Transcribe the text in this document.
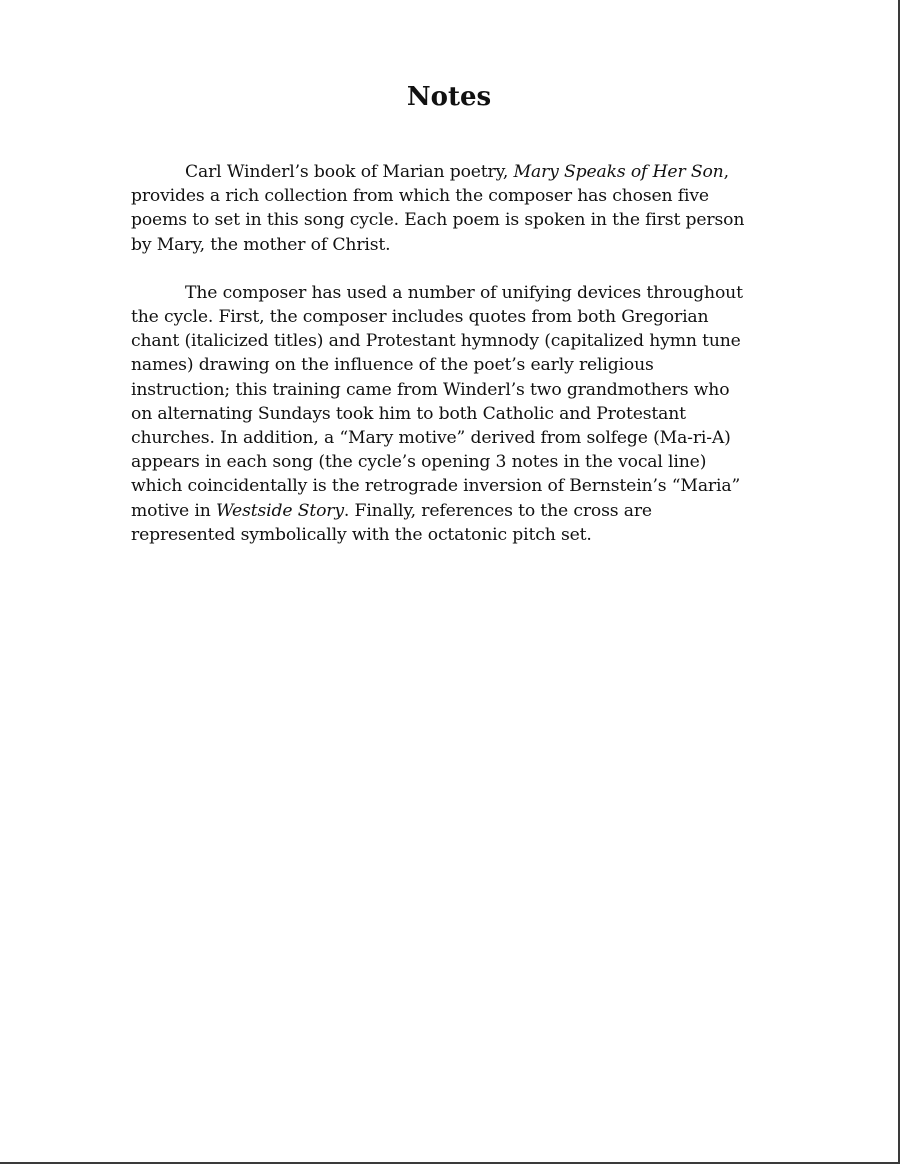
Notes
Carl Winderl’s book of Marian poetry, Mary Speaks of Her Son,
provides a rich collection from which the composer has chosen five
poems to set in this song cycle. Each poem is spoken in the first person
by Mary, the mother of Christ.
The composer has used a number of unifying devices throughout
the cycle. First, the composer includes quotes from both Gregorian
chant (italicized titles) and Protestant hymnody (capitalized hymn tune
names) drawing on the influence of the poet’s early religious
instruction; this training came from Winderl’s two grandmothers who
on alternating Sundays took him to both Catholic and Protestant
churches. In addition, a “Mary motive” derived from solfege (Ma-ri-A)
appears in each song (the cycle’s opening 3 notes in the vocal line)
which coincidentally is the retrograde inversion of Bernstein’s “Maria”
motive in Westside Story. Finally, references to the cross are
represented symbolically with the octatonic pitch set.
